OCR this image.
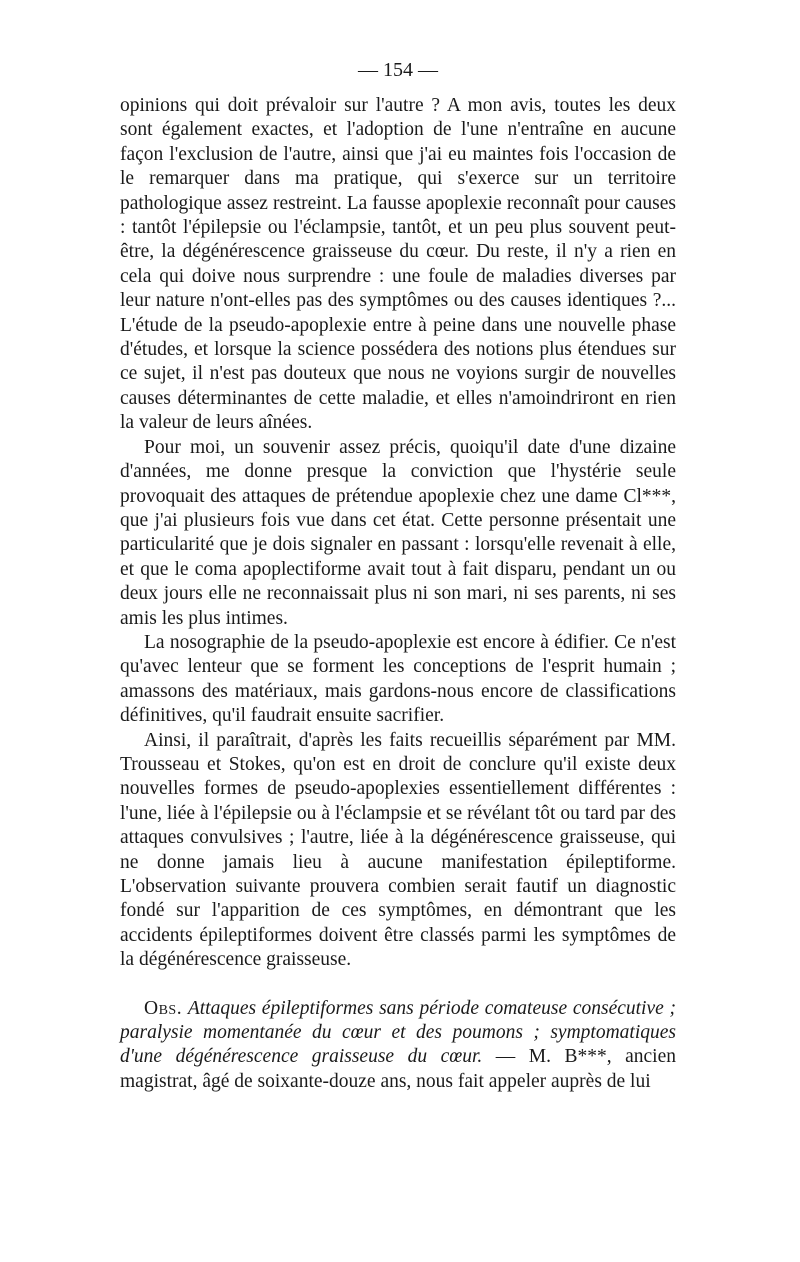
— 154 —

opinions qui doit prévaloir sur l'autre ? A mon avis, toutes les deux sont également exactes, et l'adoption de l'une n'entraîne en aucune façon l'exclusion de l'autre, ainsi que j'ai eu maintes fois l'occasion de le remarquer dans ma pratique, qui s'exerce sur un territoire pathologique assez restreint. La fausse apoplexie reconnaît pour causes : tantôt l'épilepsie ou l'éclampsie, tantôt, et un peu plus souvent peut-être, la dégénérescence graisseuse du cœur. Du reste, il n'y a rien en cela qui doive nous surprendre : une foule de maladies diverses par leur nature n'ont-elles pas des symptômes ou des causes identiques ?... L'étude de la pseudo-apoplexie entre à peine dans une nouvelle phase d'études, et lorsque la science possédera des notions plus étendues sur ce sujet, il n'est pas douteux que nous ne voyions surgir de nouvelles causes déterminantes de cette maladie, et elles n'amoindriront en rien la valeur de leurs aînées.

Pour moi, un souvenir assez précis, quoiqu'il date d'une dizaine d'années, me donne presque la conviction que l'hystérie seule provoquait des attaques de prétendue apoplexie chez une dame Cl***, que j'ai plusieurs fois vue dans cet état. Cette personne présentait une particularité que je dois signaler en passant : lorsqu'elle revenait à elle, et que le coma apoplectiforme avait tout à fait disparu, pendant un ou deux jours elle ne reconnaissait plus ni son mari, ni ses parents, ni ses amis les plus intimes.

La nosographie de la pseudo-apoplexie est encore à édifier. Ce n'est qu'avec lenteur que se forment les conceptions de l'esprit humain ; amassons des matériaux, mais gardons-nous encore de classifications définitives, qu'il faudrait ensuite sacrifier.

Ainsi, il paraîtrait, d'après les faits recueillis séparément par MM. Trousseau et Stokes, qu'on est en droit de conclure qu'il existe deux nouvelles formes de pseudo-apoplexies essentiellement différentes : l'une, liée à l'épilepsie ou à l'éclampsie et se révélant tôt ou tard par des attaques convulsives ; l'autre, liée à la dégénérescence graisseuse, qui ne donne jamais lieu à aucune manifestation épileptiforme. L'observation suivante prouvera combien serait fautif un diagnostic fondé sur l'apparition de ces symptômes, en démontrant que les accidents épileptiformes doivent être classés parmi les symptômes de la dégénérescence graisseuse.

Obs. Attaques épileptiformes sans période comateuse consécutive ; paralysie momentanée du cœur et des poumons ; symptomatiques d'une dégénérescence graisseuse du cœur. — M. B***, ancien magistrat, âgé de soixante-douze ans, nous fait appeler auprès de lui
